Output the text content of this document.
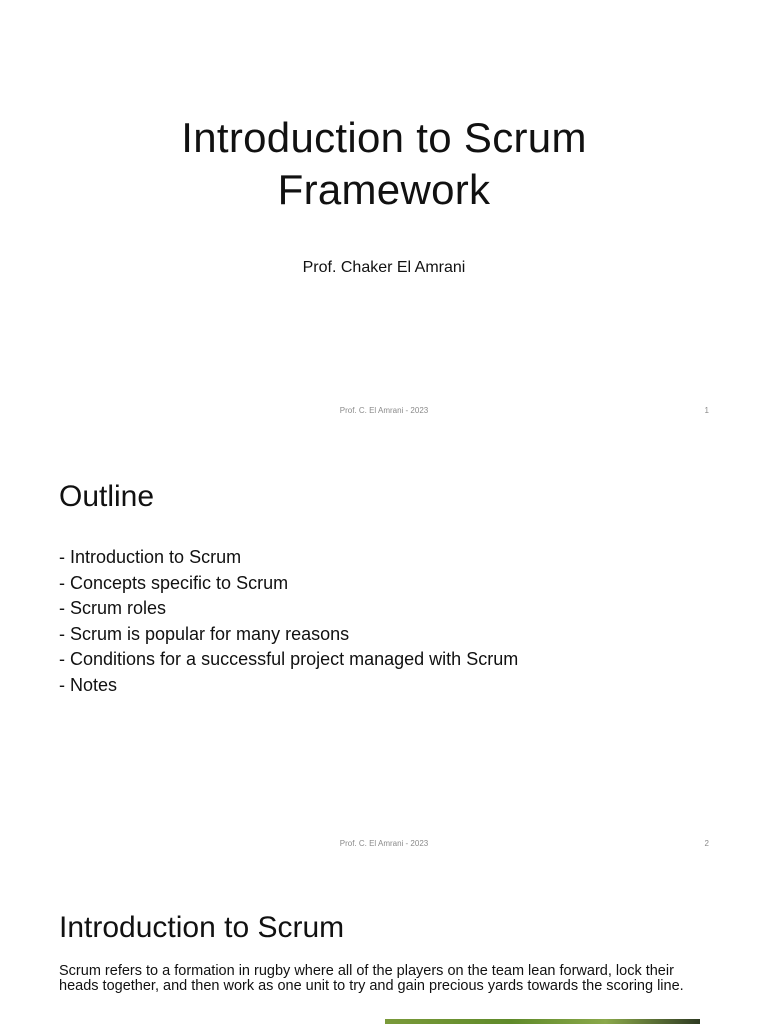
Introduction to Scrum
Framework
Prof. Chaker El Amrani
Prof. C. El Amrani - 2023	1
Outline
- Introduction to Scrum
- Concepts specific to Scrum
- Scrum roles
- Scrum is popular for many reasons
- Conditions for a successful project managed with Scrum
- Notes
Prof. C. El Amrani - 2023	2
Introduction to Scrum
Scrum refers to a formation in rugby where all of the players on the team lean forward, lock their heads together, and then work as one unit to try and gain precious yards towards the scoring line.
